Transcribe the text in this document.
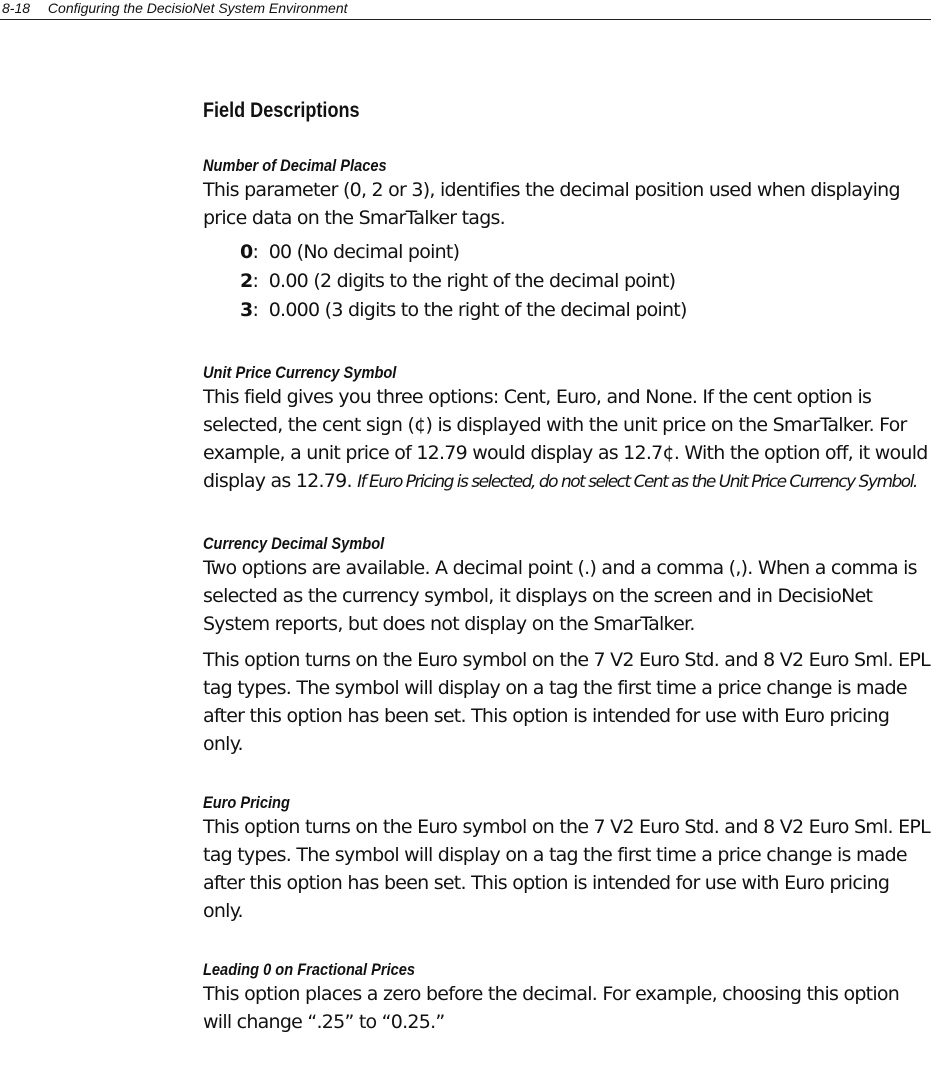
8-18 Configuring the DecisioNet System Environment
Field Descriptions
Number of Decimal Places

This parameter (0, 2 or 3), identifies the decimal position used when displaying price data on the SmarTalker tags.

0:  00 (No decimal point)
2:  0.00 (2 digits to the right of the decimal point)
3:  0.000 (3 digits to the right of the decimal point)
Unit Price Currency Symbol

This field gives you three options: Cent, Euro, and None. If the cent option is selected, the cent sign (¢) is displayed with the unit price on the SmarTalker. For example, a unit price of 12.79 would display as 12.7¢. With the option off, it would display as 12.79. If Euro Pricing is selected, do not select Cent as the Unit Price Currency Symbol.

Currency Decimal Symbol

Two options are available. A decimal point (.) and a comma (,). When a comma is selected as the currency symbol, it displays on the screen and in DecisioNet System reports, but does not display on the SmarTalker.

This option turns on the Euro symbol on the 7 V2 Euro Std. and 8 V2 Euro Sml. EPL tag types. The symbol will display on a tag the first time a price change is made after this option has been set. This option is intended for use with Euro pricing only.

Euro Pricing

This option turns on the Euro symbol on the 7 V2 Euro Std. and 8 V2 Euro Sml. EPL tag types. The symbol will display on a tag the first time a price change is made after this option has been set. This option is intended for use with Euro pricing only.

Leading 0 on Fractional Prices

This option places a zero before the decimal. For example, choosing this option will change “.25” to “0.25.”
